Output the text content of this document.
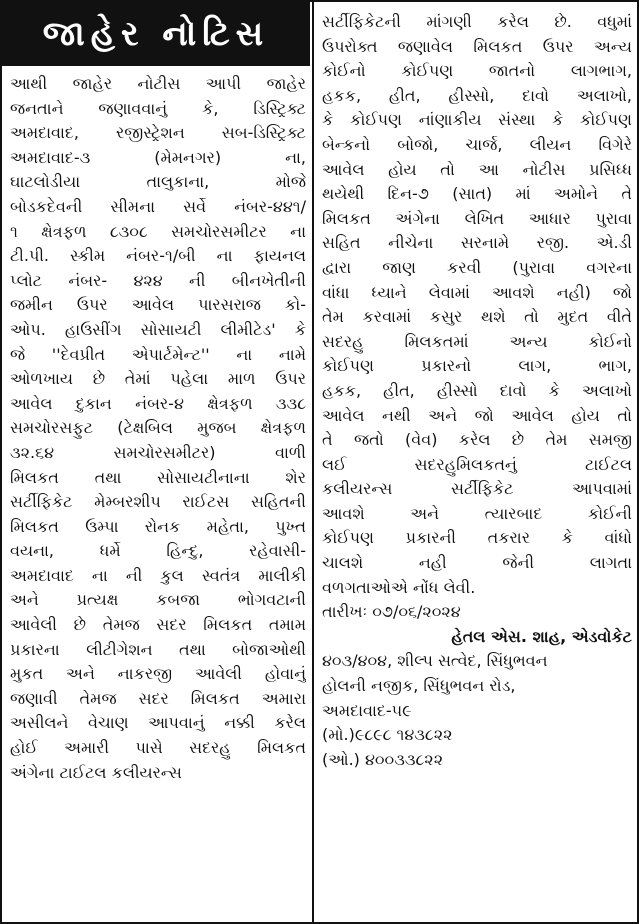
જાહેર નોટિસ
આથી જાહેર નોટીસ આપી જાહેર
જનતાને જણાવવાનું કે, ડિસ્ટ્રિક્ટ
અમદાવાદ, રજીસ્ટ્રેશન સબ-ડિસ્ટ્રિક્ટ
અમદાવાદ-૩ (મેમનગર) ના,
ઘાટલોડીયા તાલુકાના, મોજે
બોડકદેવની સીમના સર્વે નંબર-૪૪૧/
૧ ક્ષેત્રફળ ૮૩૦૮ સમચોરસમીટર ના
ટી.પી. સ્કીમ નંબર-૧/બી ના ફાયનલ
પ્લોટ નંબર- ૪૨૪ ની બીનખેતીની
જમીન ઉપર આવેલ પારસરાજ કો-
ઓપ. હાઉસીંગ સોસાયટી લીમીટેડ' કે
જે ''દેવપ્રીત એપાર્ટમેન્ટ'' ના નામે
ઓળખાય છે તેમાં પહેલા માળ ઉપર
આવેલ દુકાન નંબર-૪ ક્ષેત્રફળ ૩૩૮
સમચોરસફુટ (ટેક્ષબિલ મુજબ ક્ષેત્રફળ
૩૨.૬૪ સમચોરસમીટર) વાળી
મિલકત તથા સોસાયટીનાના શેર
સર્ટીફિકેટ મેમ્બરશીપ રાઈટસ સહિતની
મિલકત ઉમ્પા રોનક મહેતા, પુખ્ત
વયના, ધર્મે હિન્દુ, રહેવાસી-
અમદાવાદ ના ની કુલ સ્વતંત્ર માલીકી
અને પ્રત્યક્ષ કબજા ભોગવટાની
આવેલી છે તેમજ સદર મિલકત તમામ
પ્રકારના લીટીગેશન તથા બોજાઓથી
મુકત અને નાકરજી આવેલી હોવાનું
જણાવી તેમજ સદર મિલકત અમારા
અસીલને વેચાણ આપવાનું નક્કી કરેલ
હોઈ અમારી પાસે સદરહુ મિલકત
અંગેના ટાઈટલ કલીયરન્સ
સર્ટીફિકેટની માંગણી કરેલ છે. વધુમાં
ઉપરોક્ત જણાવેલ મિલકત ઉપર અન્ય
કોઈનો કોઈપણ જાતનો લાગભાગ,
હકક, હીત, હીસ્સો, દાવો અલાખો,
કે કોઈપણ નાંણાકીય સંસ્થા કે કોઈપણ
બેન્કનો બોજો, ચાર્જ, લીયન વિગેરે
આવેલ હોય તો આ નોટીસ પ્રસિધ્ધ
થયેથી દિન-૭ (સાત) માં અમોને તે
મિલકત અંગેના લેખિત આધાર પુરાવા
સહિત નીચેના સરનામે રજી. એ.ડી
દ્વારા જાણ કરવી (પુરાવા વગરના
વાંધા ધ્યાને લેવામાં આવશે નહી) જો
તેમ કરવામાં કસુર થશે તો મુદત વીતે
સદરહુ મિલકતમાં અન્ય કોઈનો
કોઈપણ પ્રકારનો લાગ, ભાગ,
હકક, હીત, હીસ્સો દાવો કે અલાખો
આવેલ નથી અને જો આવેલ હોય તો
તે જતો (વેવ) કરેલ છે તેમ સમજી
લઈ સદરહુમિલકતનું ટાઈટલ
કલીયરન્સ સર્ટીફિકેટ આપવામાં
આવશે અને ત્યારબાદ કોઈની
કોઈપણ પ્રકારની તકરાર કે વાંધો
ચાલશે નહી જેની લાગતા
વળગતાઓએ નોંધ લેવી.
તારીખઃ ૦૭/૦૬/૨૦૨૪
હેતલ એસ. શાહ, એડવોકેટ
૪૦૩/૪૦૪, શીલ્પ સત્વેદ, સિંધુભવન
હોલની નજીક, સિંધુભવન રોડ,
અમદાવાદ-૫૯
(મો.)૯૮૯૮ ૧૪૩૮૨૨
(ઓ.) ૪૦૦૩૩૮૨૨
